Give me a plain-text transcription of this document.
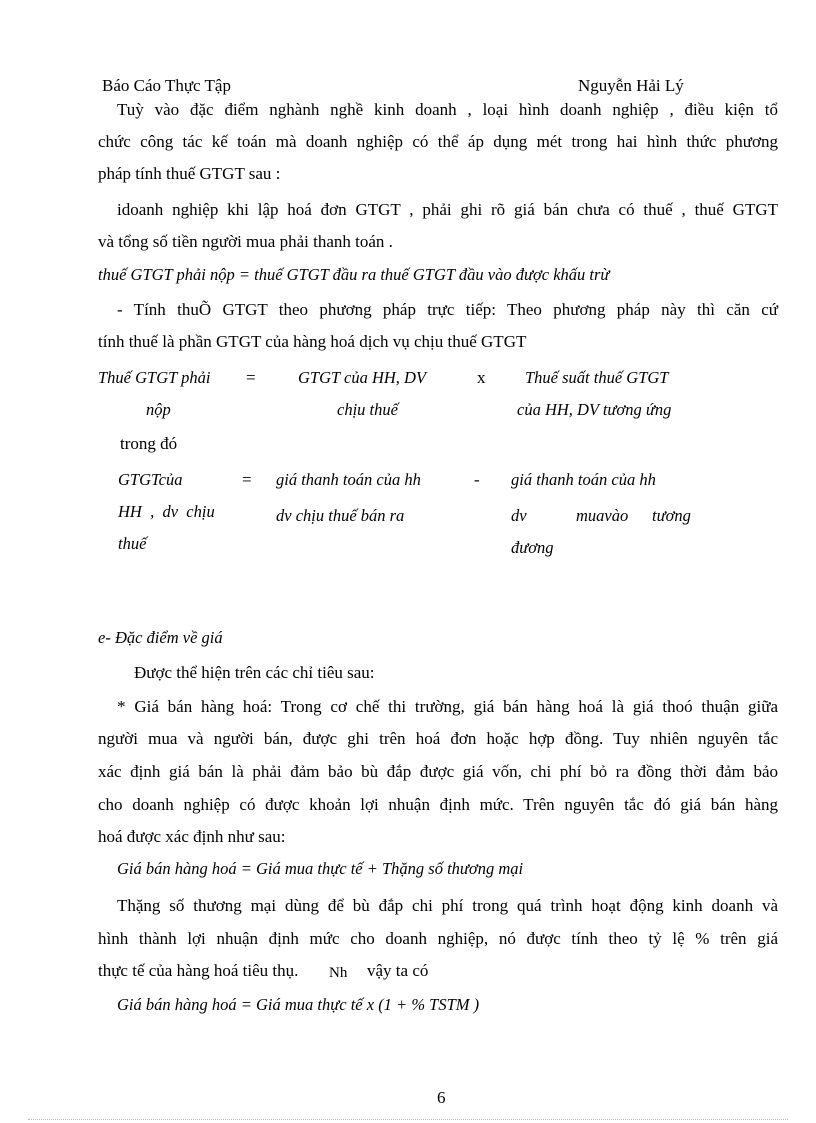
Báo Cáo Thực Tập	Nguyễn Hải Lý
Tuỳ vào đặc điểm nghành nghề kinh doanh , loại hình doanh nghiệp , điều kiện tổ
chức công tác kế toán mà doanh nghiệp có thể áp dụng mét trong hai hình thức phương
pháp tính thuế GTGT sau :
idoanh nghiệp khi lập hoá đơn GTGT , phải ghi rõ giá bán chưa có thuế , thuế GTGT
và tổng số tiền người mua phải thanh toán .
thuế GTGT phải nộp = thuế GTGT đầu ra thuế GTGT đầu vào được khấu trừ
- Tính thuÕ GTGT theo phương pháp trực tiếp: Theo phương pháp này thì căn cứ
tính thuế là phần GTGT của hàng hoá dịch vụ chịu thuế GTGT
Thuế GTGT phải
nộp
=	GTGT của HH, DV
chịu thuế
x Thuế suất thuế GTGT
của HH, DV tương ứng
trong đó
GTGTcủa
HH  ,  dv  chịu
thuế
= giá thanh toán của hh
dv chịu thuế bán ra
- giá thanh toán của hh
dv	muavào tương
đương
e- Đặc điểm về giá
Được thể hiện trên các chỉ tiêu sau:
* Giá bán hàng hoá: Trong cơ chế thi trường, giá bán hàng hoá là giá thoó thuận giữa
người mua và người bán, được ghi trên hoá đơn hoặc hợp đồng. Tuy nhiên nguyên tắc
xác định giá bán là phải đảm bảo bù đắp được giá vốn, chi phí bỏ ra đồng thời đảm bảo
cho doanh nghiệp có được khoản lợi nhuận định mức. Trên nguyên tắc đó giá bán hàng
hoá được xác định như sau:
Giá bán hàng hoá = Giá mua thực tế + Thặng số thương mại
Thặng số thương mại dùng để bù đắp chi phí trong quá trình hoạt động kinh doanh và
hình thành lợi nhuận định mức cho doanh nghiệp, nó được tính theo tỷ lệ % trên giá
thực tế của hàng hoá tiêu thụ. Nh vậy ta có
Giá bán hàng hoá = Giá mua thực tế x (1 + % TSTM )
6
